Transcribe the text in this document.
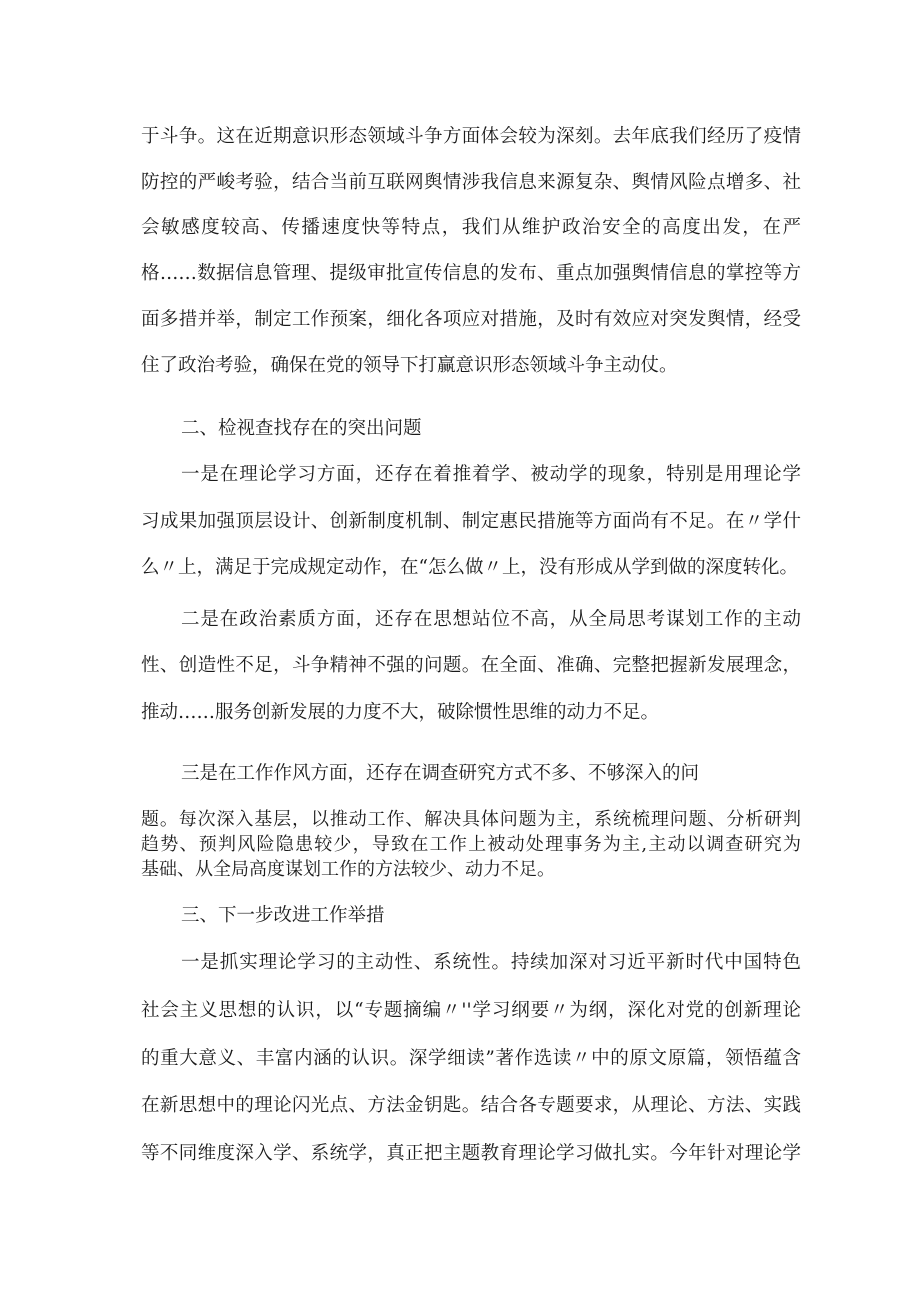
于斗争。这在近期意识形态领域斗争方面体会较为深刻。去年底我们经历了疫情
防控的严峻考验，结合当前互联网舆情涉我信息来源复杂、舆情风险点增多、社
会敏感度较高、传播速度快等特点，我们从维护政治安全的高度出发，在严
格……数据信息管理、提级审批宣传信息的发布、重点加强舆情信息的掌控等方
面多措并举，制定工作预案，细化各项应对措施，及时有效应对突发舆情，经受
住了政治考验，确保在党的领导下打赢意识形态领域斗争主动仗。
二、检视查找存在的突出问题
一是在理论学习方面，还存在着推着学、被动学的现象，特别是用理论学
习成果加强顶层设计、创新制度机制、制定惠民措施等方面尚有不足。在〃学什
么〃上，满足于完成规定动作，在“怎么做〃上，没有形成从学到做的深度转化。
二是在政治素质方面，还存在思想站位不高，从全局思考谋划工作的主动
性、创造性不足，斗争精神不强的问题。在全面、准确、完整把握新发展理念，
推动……服务创新发展的力度不大，破除惯性思维的动力不足。
三是在工作作风方面，还存在调查研究方式不多、不够深入的问
题。每次深入基层，以推动工作、解决具体问题为主，系统梳理问题、分析研判
趋势、预判风险隐患较少，导致在工作上被动处理事务为主,主动以调查研究为
基础、从全局高度谋划工作的方法较少、动力不足。
三、下一步改进工作举措
一是抓实理论学习的主动性、系统性。持续加深对习近平新时代中国特色
社会主义思想的认识，以“专题摘编〃''学习纲要〃为纲，深化对党的创新理论
的重大意义、丰富内涵的认识。深学细读”著作选读〃中的原文原篇，领悟蕴含
在新思想中的理论闪光点、方法金钥匙。结合各专题要求，从理论、方法、实践
等不同维度深入学、系统学，真正把主题教育理论学习做扎实。今年针对理论学
